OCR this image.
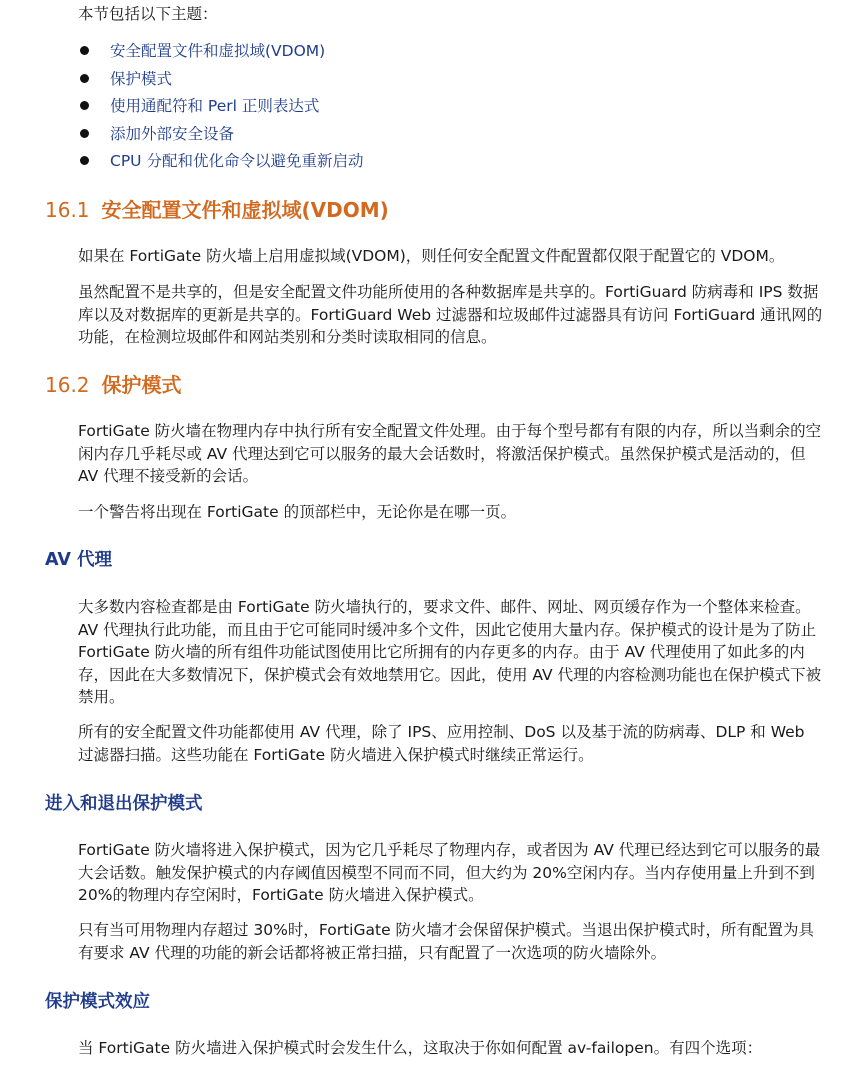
本节包括以下主题：

安全配置文件和虚拟域(VDOM)
保护模式
使用通配符和 Perl 正则表达式
添加外部安全设备
CPU 分配和优化命令以避免重新启动
16.1 安全配置文件和虚拟域(VDOM)

如果在 FortiGate 防火墙上启用虚拟域(VDOM)，则任何安全配置文件配置都仅限于配置它的 VDOM。

虽然配置不是共享的，但是安全配置文件功能所使用的各种数据库是共享的。FortiGuard 防病毒和 IPS 数据库以及对数据库的更新是共享的。FortiGuard Web 过滤器和垃圾邮件过滤器具有访问 FortiGuard 通讯网的功能，在检测垃圾邮件和网站类别和分类时读取相同的信息。

16.2 保护模式

FortiGate 防火墙在物理内存中执行所有安全配置文件处理。由于每个型号都有有限的内存，所以当剩余的空闲内存几乎耗尽或 AV 代理达到它可以服务的最大会话数时，将激活保护模式。虽然保护模式是活动的，但 AV 代理不接受新的会话。

一个警告将出现在 FortiGate 的顶部栏中，无论你是在哪一页。

AV 代理

大多数内容检查都是由 FortiGate 防火墙执行的，要求文件、邮件、网址、网页缓存作为一个整体来检查。AV 代理执行此功能，而且由于它可能同时缓冲多个文件，因此它使用大量内存。保护模式的设计是为了防止 FortiGate 防火墙的所有组件功能试图使用比它所拥有的内存更多的内存。由于 AV 代理使用了如此多的内存，因此在大多数情况下，保护模式会有效地禁用它。因此，使用 AV 代理的内容检测功能也在保护模式下被禁用。

所有的安全配置文件功能都使用 AV 代理，除了 IPS、应用控制、DoS 以及基于流的防病毒、DLP 和 Web 过滤器扫描。这些功能在 FortiGate 防火墙进入保护模式时继续正常运行。

进入和退出保护模式

FortiGate 防火墙将进入保护模式，因为它几乎耗尽了物理内存，或者因为 AV 代理已经达到它可以服务的最大会话数。触发保护模式的内存阈值因模型不同而不同，但大约为 20%空闲内存。当内存使用量上升到不到 20%的物理内存空闲时，FortiGate 防火墙进入保护模式。

只有当可用物理内存超过 30%时，FortiGate 防火墙才会保留保护模式。当退出保护模式时，所有配置为具有要求 AV 代理的功能的新会话都将被正常扫描，只有配置了一次选项的防火墙除外。

保护模式效应

当 FortiGate 防火墙进入保护模式时会发生什么，这取决于你如何配置 av-failopen。有四个选项：
